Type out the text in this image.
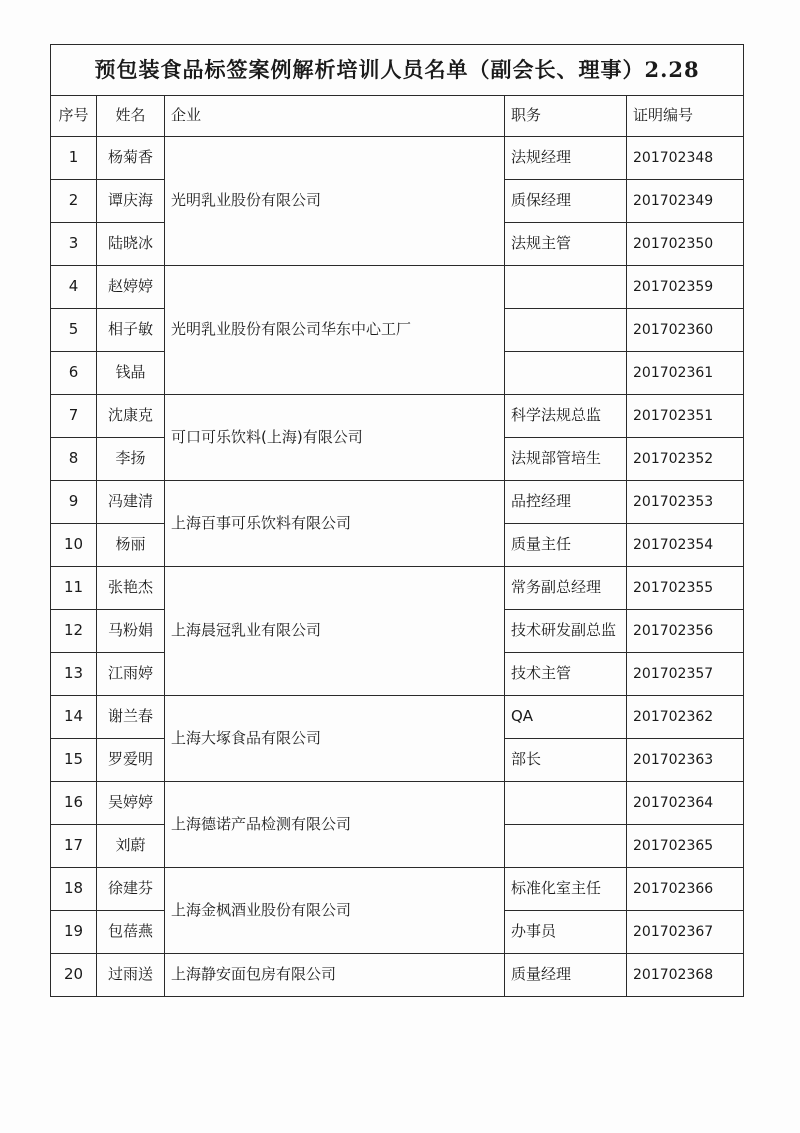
预包装食品标签案例解析培训人员名单（副会长、理事）2.28				
序号	姓名	企业	职务	证明编号
1	杨菊香	光明乳业股份有限公司	法规经理	201702348
2	谭庆海		质保经理	201702349
3	陆晓冰		法规主管	201702350
4	赵婷婷	光明乳业股份有限公司华东中心工厂		201702359
5	相子敏			201702360
6	钱晶			201702361
7	沈康克	可口可乐饮料(上海)有限公司	科学法规总监	201702351
8	李扬		法规部管培生	201702352
9	冯建清	上海百事可乐饮料有限公司	品控经理	201702353
10	杨丽		质量主任	201702354
11	张艳杰	上海晨冠乳业有限公司	常务副总经理	201702355
12	马粉娟		技术研发副总监	201702356
13	江雨婷		技术主管	201702357
14	谢兰春	上海大塚食品有限公司	QA	201702362
15	罗爱明		部长	201702363
16	吴婷婷	上海德诺产品检测有限公司		201702364
17	刘蔚			201702365
18	徐建芬	上海金枫酒业股份有限公司	标准化室主任	201702366
19	包蓓燕		办事员	201702367
20	过雨送	上海静安面包房有限公司	质量经理	201702368
